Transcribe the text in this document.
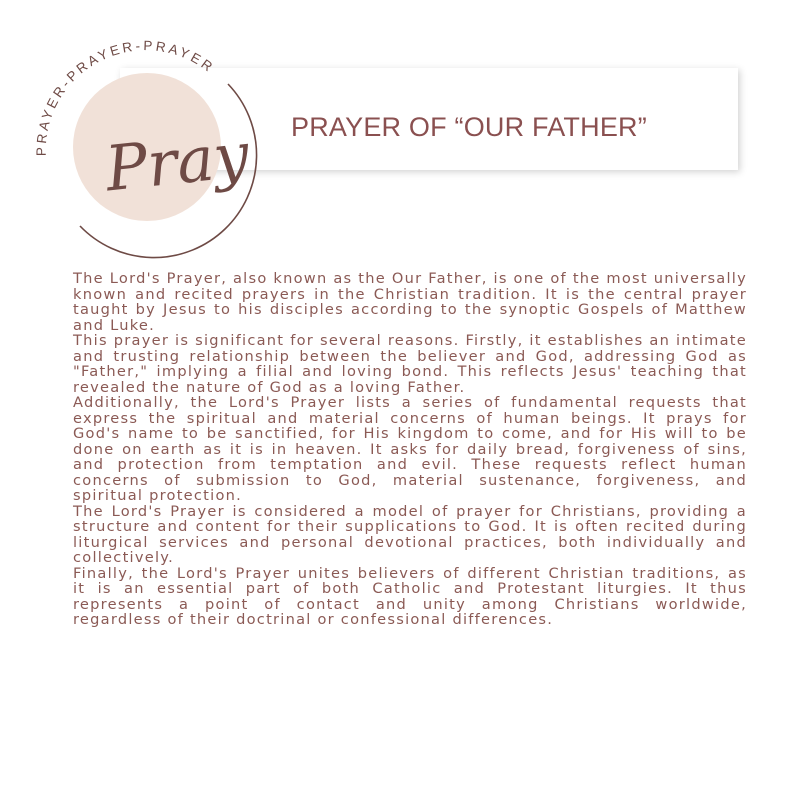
PRAYER-PRAYER-PRAYER
Pray PRAYER OF “OUR FATHER”

The Lord's Prayer, also known as the Our Father, is one of the most universally known and recited prayers in the Christian tradition. It is the central prayer taught by Jesus to his disciples according to the synoptic Gospels of Matthew and Luke.

This prayer is significant for several reasons. Firstly, it establishes an intimate and trusting relationship between the believer and God, addressing God as "Father," implying a filial and loving bond. This reflects Jesus' teaching that revealed the nature of God as a loving Father.

Additionally, the Lord's Prayer lists a series of fundamental requests that express the spiritual and material concerns of human beings. It prays for God's name to be sanctified, for His kingdom to come, and for His will to be done on earth as it is in heaven. It asks for daily bread, forgiveness of sins, and protection from temptation and evil. These requests reflect human concerns of submission to God, material sustenance, forgiveness, and spiritual protection.

The Lord's Prayer is considered a model of prayer for Christians, providing a structure and content for their supplications to God. It is often recited during liturgical services and personal devotional practices, both individually and collectively.

Finally, the Lord's Prayer unites believers of different Christian traditions, as it is an essential part of both Catholic and Protestant liturgies. It thus represents a point of contact and unity among Christians worldwide, regardless of their doctrinal or confessional differences.
